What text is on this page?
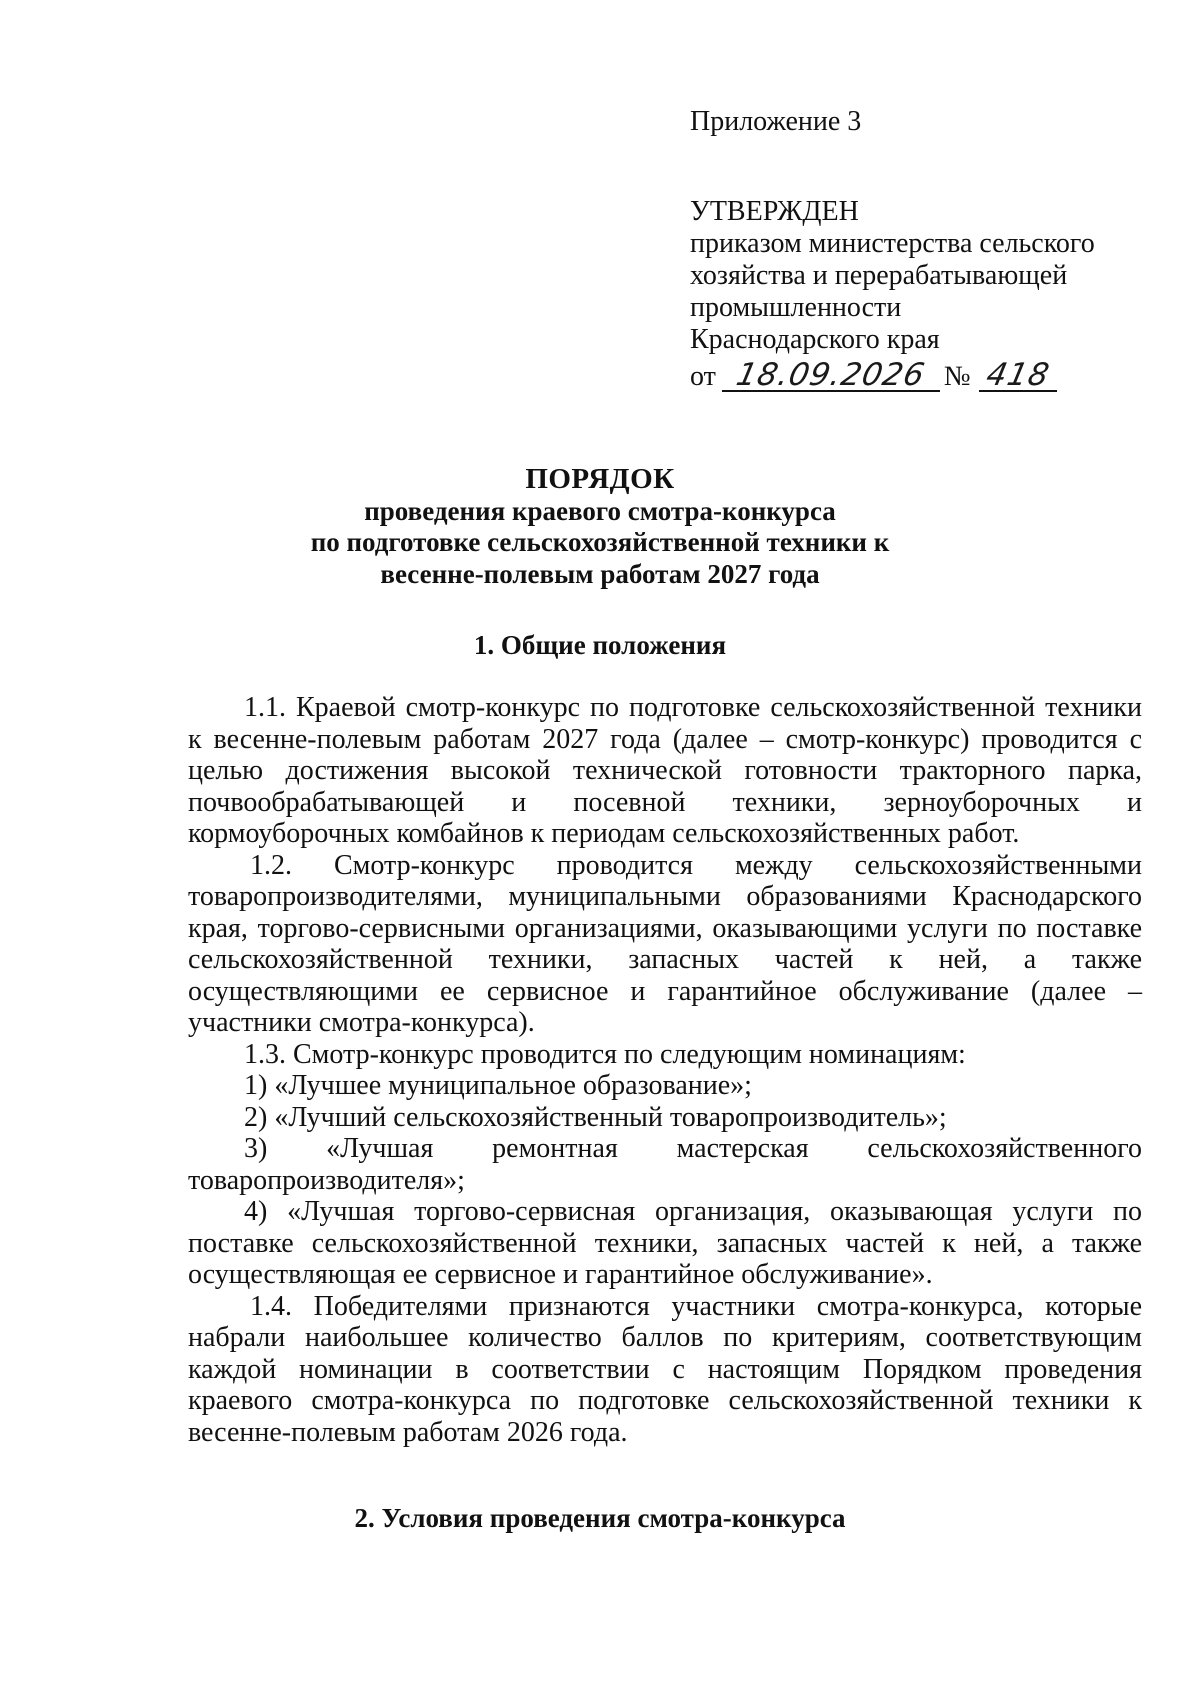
Приложение 3
УТВЕРЖДЕН
приказом министерства сельского
хозяйства и перерабатывающей
промышленности
Краснодарского края
от 18.09.2026 № 418
ПОРЯДОК
проведения краевого смотра-конкурса
по подготовке сельскохозяйственной техники к
весенне-полевым работам 2027 года
1. Общие положения

1.1. Краевой смотр-конкурс по подготовке сельскохозяйственной техники к весенне-полевым работам 2027 года (далее – смотр-конкурс) проводится с целью достижения высокой технической готовности тракторного парка, почвообрабатывающей и посевной техники, зерноуборочных и кормоуборочных комбайнов к периодам сельскохозяйственных работ.

1.2. Смотр-конкурс проводится между сельскохозяйственными товаропроизводителями, муниципальными образованиями Краснодарского края, торгово-сервисными организациями, оказывающими услуги по поставке сельскохозяйственной техники, запасных частей к ней, а также осуществляющими ее сервисное и гарантийное обслуживание (далее – участники смотра-конкурса).

1.3. Смотр-конкурс проводится по следующим номинациям:

1) «Лучшее муниципальное образование»;

2) «Лучший сельскохозяйственный товаропроизводитель»;

3) «Лучшая ремонтная мастерская сельскохозяйственного товаропроизводителя»;

4) «Лучшая торгово-сервисная организация, оказывающая услуги по поставке сельскохозяйственной техники, запасных частей к ней, а также осуществляющая ее сервисное и гарантийное обслуживание».

1.4. Победителями признаются участники смотра-конкурса, которые набрали наибольшее количество баллов по критериям, соответствующим каждой номинации в соответствии с настоящим Порядком проведения краевого смотра-конкурса по подготовке сельскохозяйственной техники к весенне-полевым работам 2026 года.

2. Условия проведения смотра-конкурса
